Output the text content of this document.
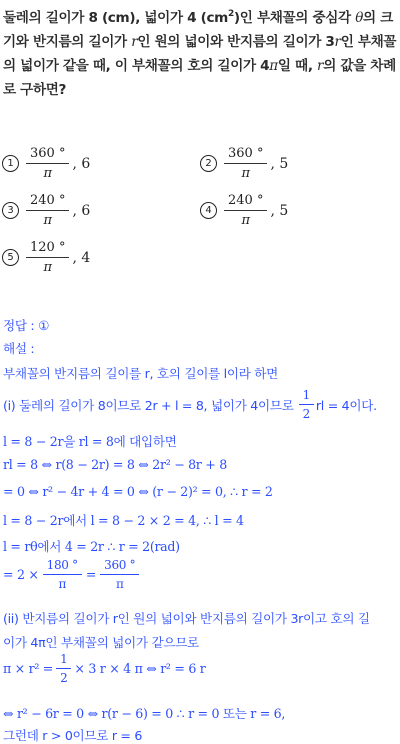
둘레의 길이가 8 (cm), 넓이가 4 $(cm^2)$인 부채꼴의 중심각 θ의 크기와 반지름의 길이가 r인 원의 넓이와 반지름의 길이가 3r인 부채꼴의 넓이가 같을 때, 이 부채꼴의 호의 길이가 4π일 때, r의 값을 차례로 구하면?
$1 \frac{360 ^\circ}{\pi}$ , 6	$2 \frac{360 ^\circ}{\pi}$ , 5
$3 \frac{240 ^\circ}{\pi}$ , 6	$4 \frac{240 ^\circ}{\pi}$ , 5
$5 \frac{120 ^\circ}{\pi}$ , 4
정답 : ①
해설 :
부채꼴의 반지름의 길이를 r, 호의 길이를 l이라 하면
(i) 둘레의 길이가 8이므로 2r + l = 8, 넓이가 4이므로 $\frac{1}{2}$ rl = 4이다.
l = 8 − 2r을 rl = 8에 대입하면
rl = 8 ⇔ r(8 − 2r) = 8 ⇔ 2r² − 8r + 8
= 0 ⇔ r² − 4r + 4 = 0 ⇔ (r − 2)² = 0, ∴ r = 2
l = 8 − 2r에서 l = 8 − 2 × 2 = 4, ∴ l = 4
l = rθ에서 4 = 2r ∴ r = 2(rad)
= $2 \times \frac{180 ^\circ}{\pi} = \frac{360 ^\circ}{\pi}$
(ii) 반지름의 길이가 r인 원의 넓이와 반지름의 길이가 3r이고 호의 길
이가 4π인 부채꼴의 넓이가 같으므로
$\pi \times r^2 = \frac{1}{2} \times 3$ r × 4 π ⇔ r² = 6 r
⇔ r² − 6r = 0 ⇔ r(r − 6) = 0 ∴ r = 0 또는 r = 6,
그런데 r > 0이므로 r = 6
